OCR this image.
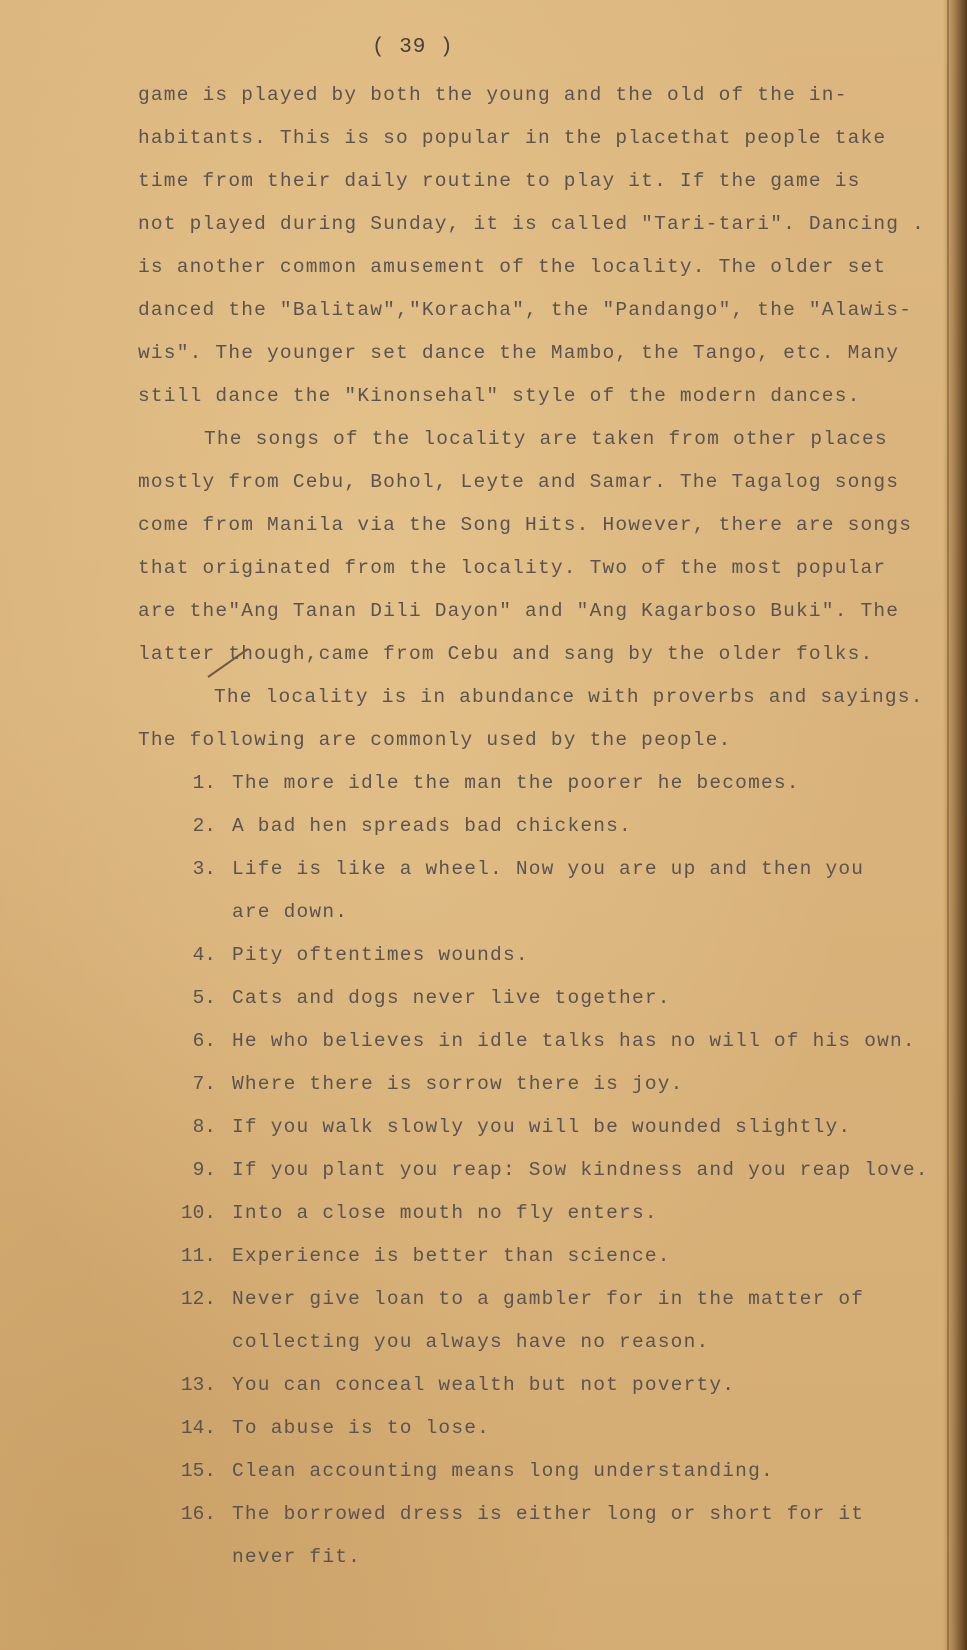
( 39 )
game is played by both the young and the old of the in-
habitants. This is so popular in the placethat people take
time from their daily routine to play it. If the game is
not played during Sunday, it is called "Tari-tari". Dancing .
is another common amusement of the locality. The older set
danced the "Balitaw","Koracha", the "Pandango", the "Alawis-
wis". The younger set dance the Mambo, the Tango, etc. Many
still dance the "Kinonsehal" style of the modern dances.
The songs of the locality are taken from other places
mostly from Cebu, Bohol, Leyte and Samar. The Tagalog songs
come from Manila via the Song Hits. However, there are songs
that originated from the locality. Two of the most popular
are the"Ang Tanan Dili Dayon" and "Ang Kagarboso Buki". The
latter though,came from Cebu and sang by the older folks.
The locality is in abundance with proverbs and sayings.
The following are commonly used by the people.
1. The more idle the man the poorer he becomes.
2. A bad hen spreads bad chickens.
3. Life is like a wheel. Now you are up and then you
are down.
4. Pity oftentimes wounds.
5. Cats and dogs never live together.
6. He who believes in idle talks has no will of his own.
7. Where there is sorrow there is joy.
8. If you walk slowly you will be wounded slightly.
9. If you plant you reap: Sow kindness and you reap love.
10. Into a close mouth no fly enters.
11. Experience is better than science.
12. Never give loan to a gambler for in the matter of
collecting you always have no reason.
13. You can conceal wealth but not poverty.
14. To abuse is to lose.
15. Clean accounting means long understanding.
16. The borrowed dress is either long or short for it
never fit.
